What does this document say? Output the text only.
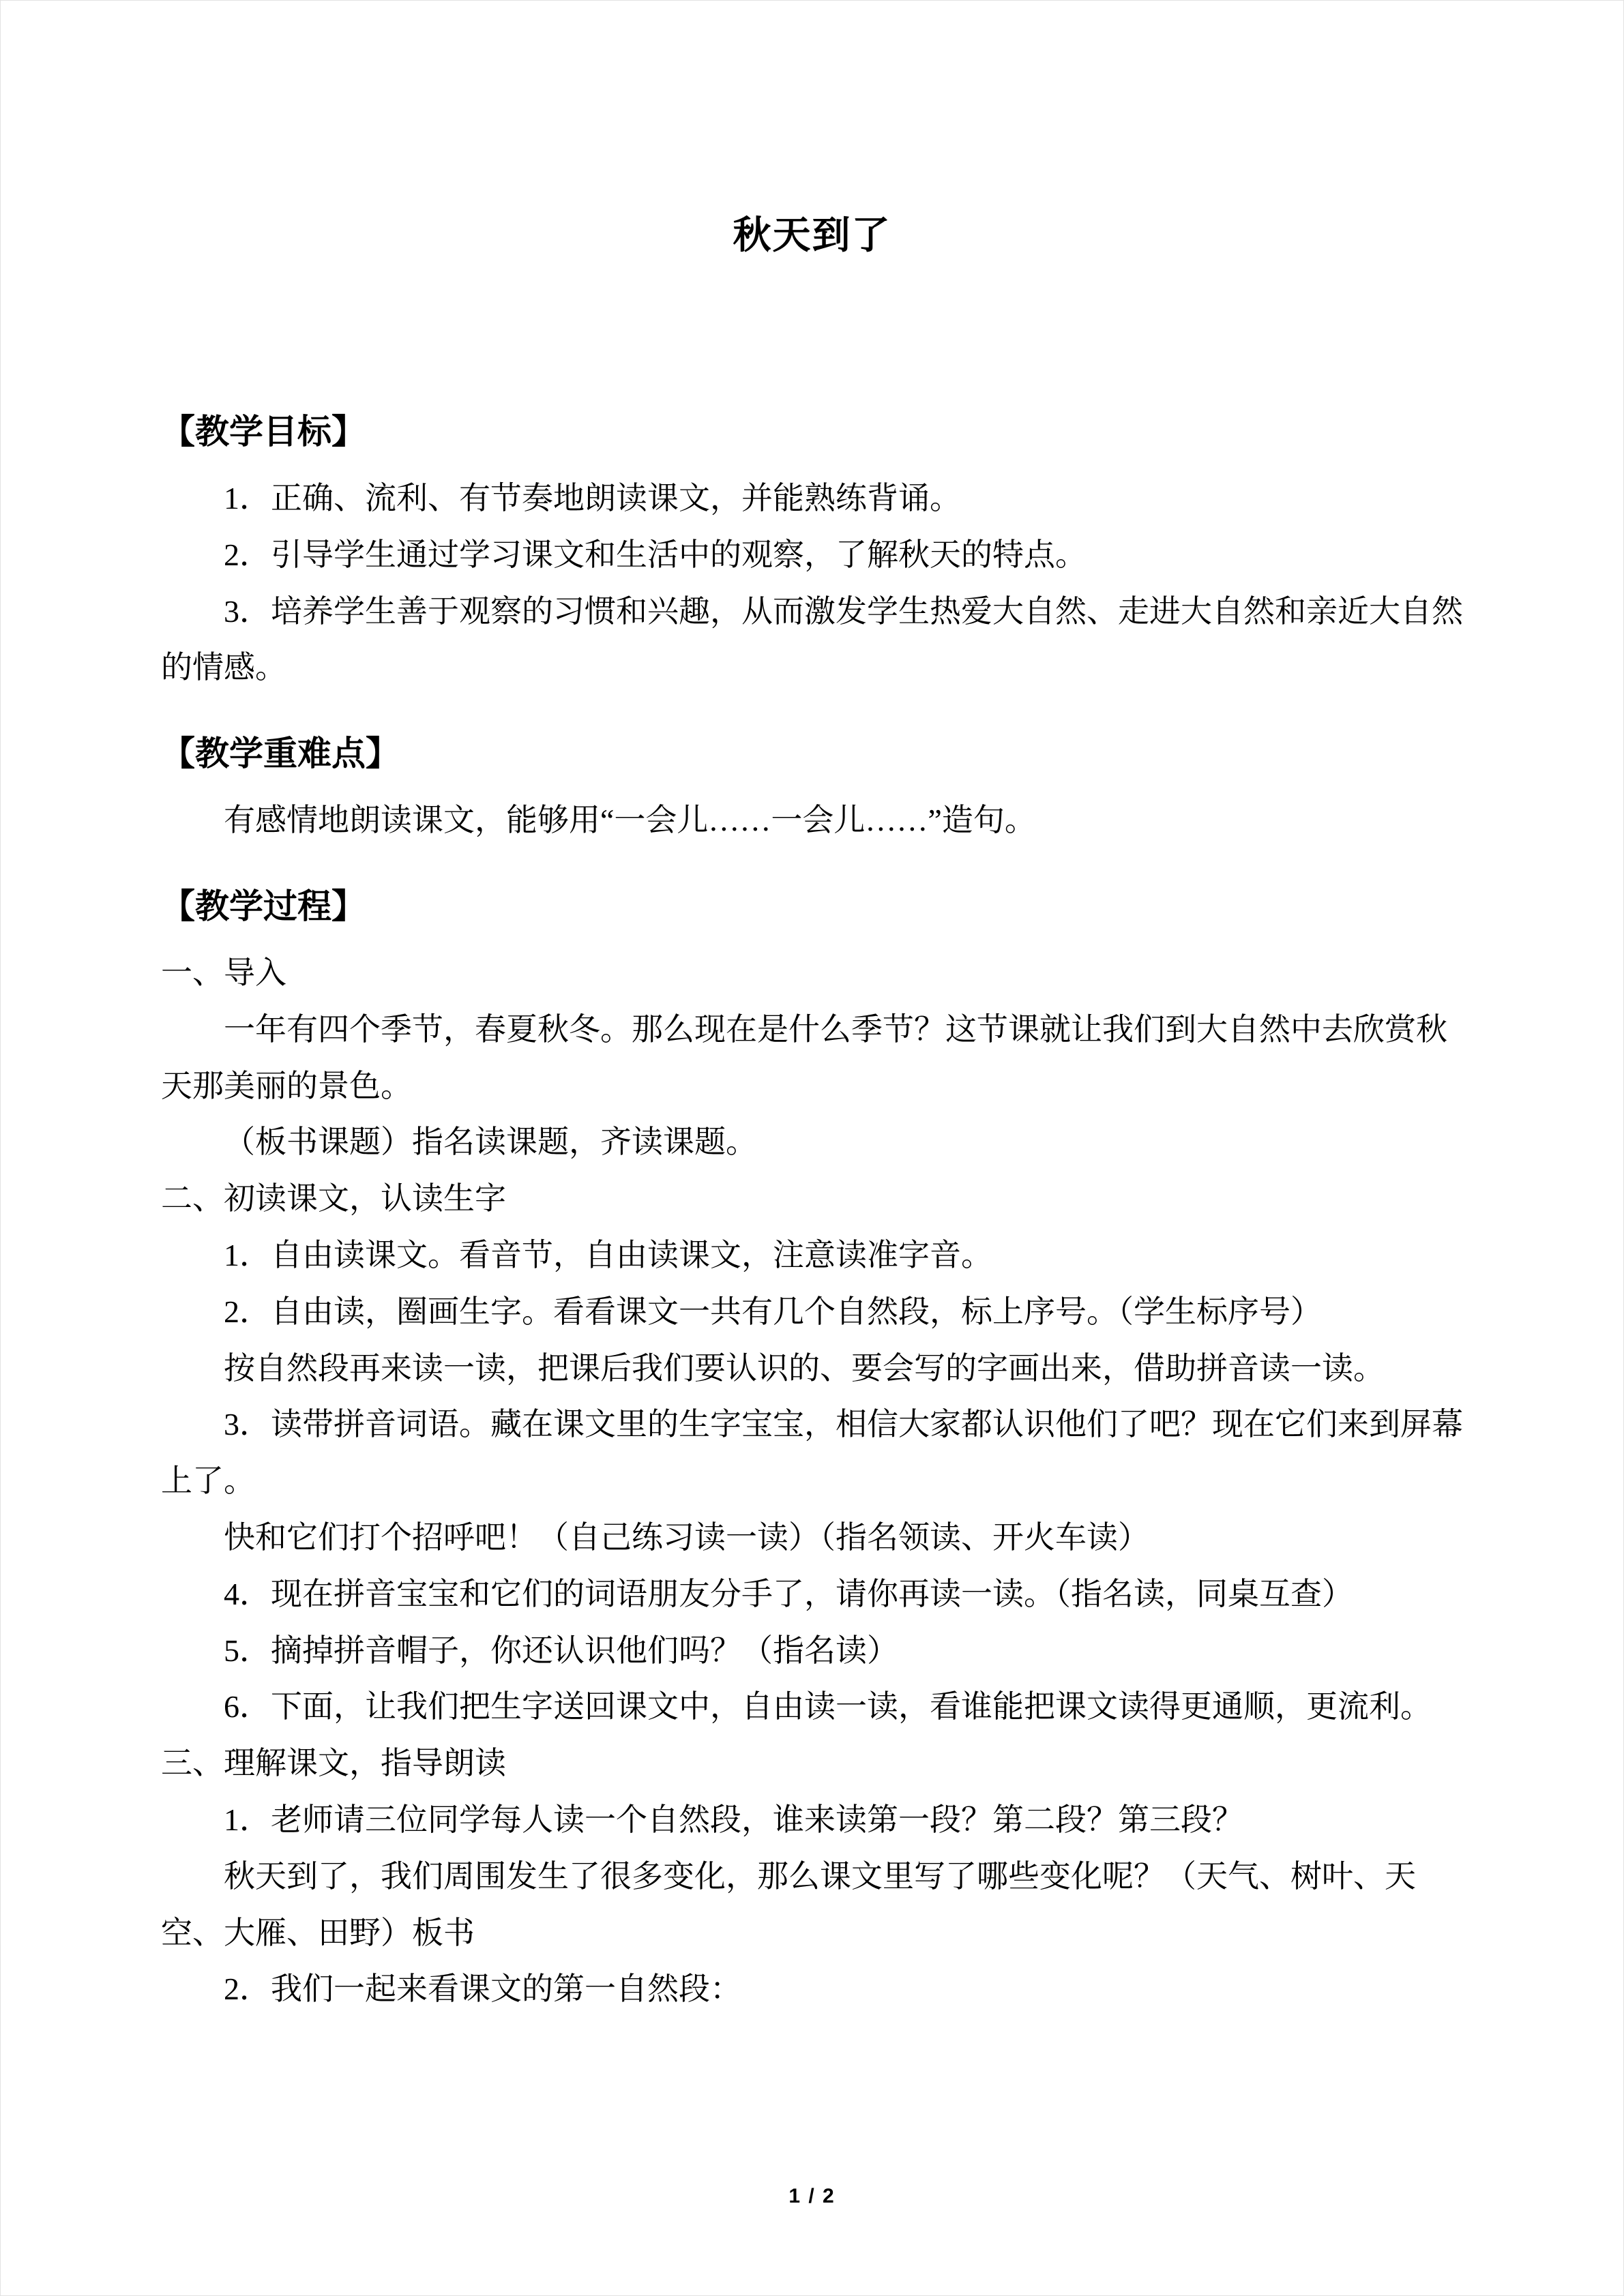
秋天到了
【教学目标】
1．正确、流利、有节奏地朗读课文，并能熟练背诵。
2．引导学生通过学习课文和生活中的观察，了解秋天的特点。
3．培养学生善于观察的习惯和兴趣，从而激发学生热爱大自然、走进大自然和亲近大自然的情感。
【教学重难点】
有感情地朗读课文，能够用“一会儿……一会儿……”造句。
【教学过程】
一、导入
一年有四个季节，春夏秋冬。那么现在是什么季节？这节课就让我们到大自然中去欣赏秋天那美丽的景色。
（板书课题）指名读课题，齐读课题。
二、初读课文，认读生字
1．自由读课文。看音节，自由读课文，注意读准字音。
2．自由读，圈画生字。看看课文一共有几个自然段，标上序号。（学生标序号）
按自然段再来读一读，把课后我们要认识的、要会写的字画出来，借助拼音读一读。
3．读带拼音词语。藏在课文里的生字宝宝，相信大家都认识他们了吧？现在它们来到屏幕上了。
快和它们打个招呼吧！（自己练习读一读）（指名领读、开火车读）
4．现在拼音宝宝和它们的词语朋友分手了，请你再读一读。（指名读，同桌互查）
5．摘掉拼音帽子，你还认识他们吗？（指名读）
6．下面，让我们把生字送回课文中，自由读一读，看谁能把课文读得更通顺，更流利。
三、理解课文，指导朗读
1．老师请三位同学每人读一个自然段，谁来读第一段？第二段？第三段？
秋天到了，我们周围发生了很多变化，那么课文里写了哪些变化呢？（天气、树叶、天空、大雁、田野）板书
2．我们一起来看课文的第一自然段：
1 / 2
